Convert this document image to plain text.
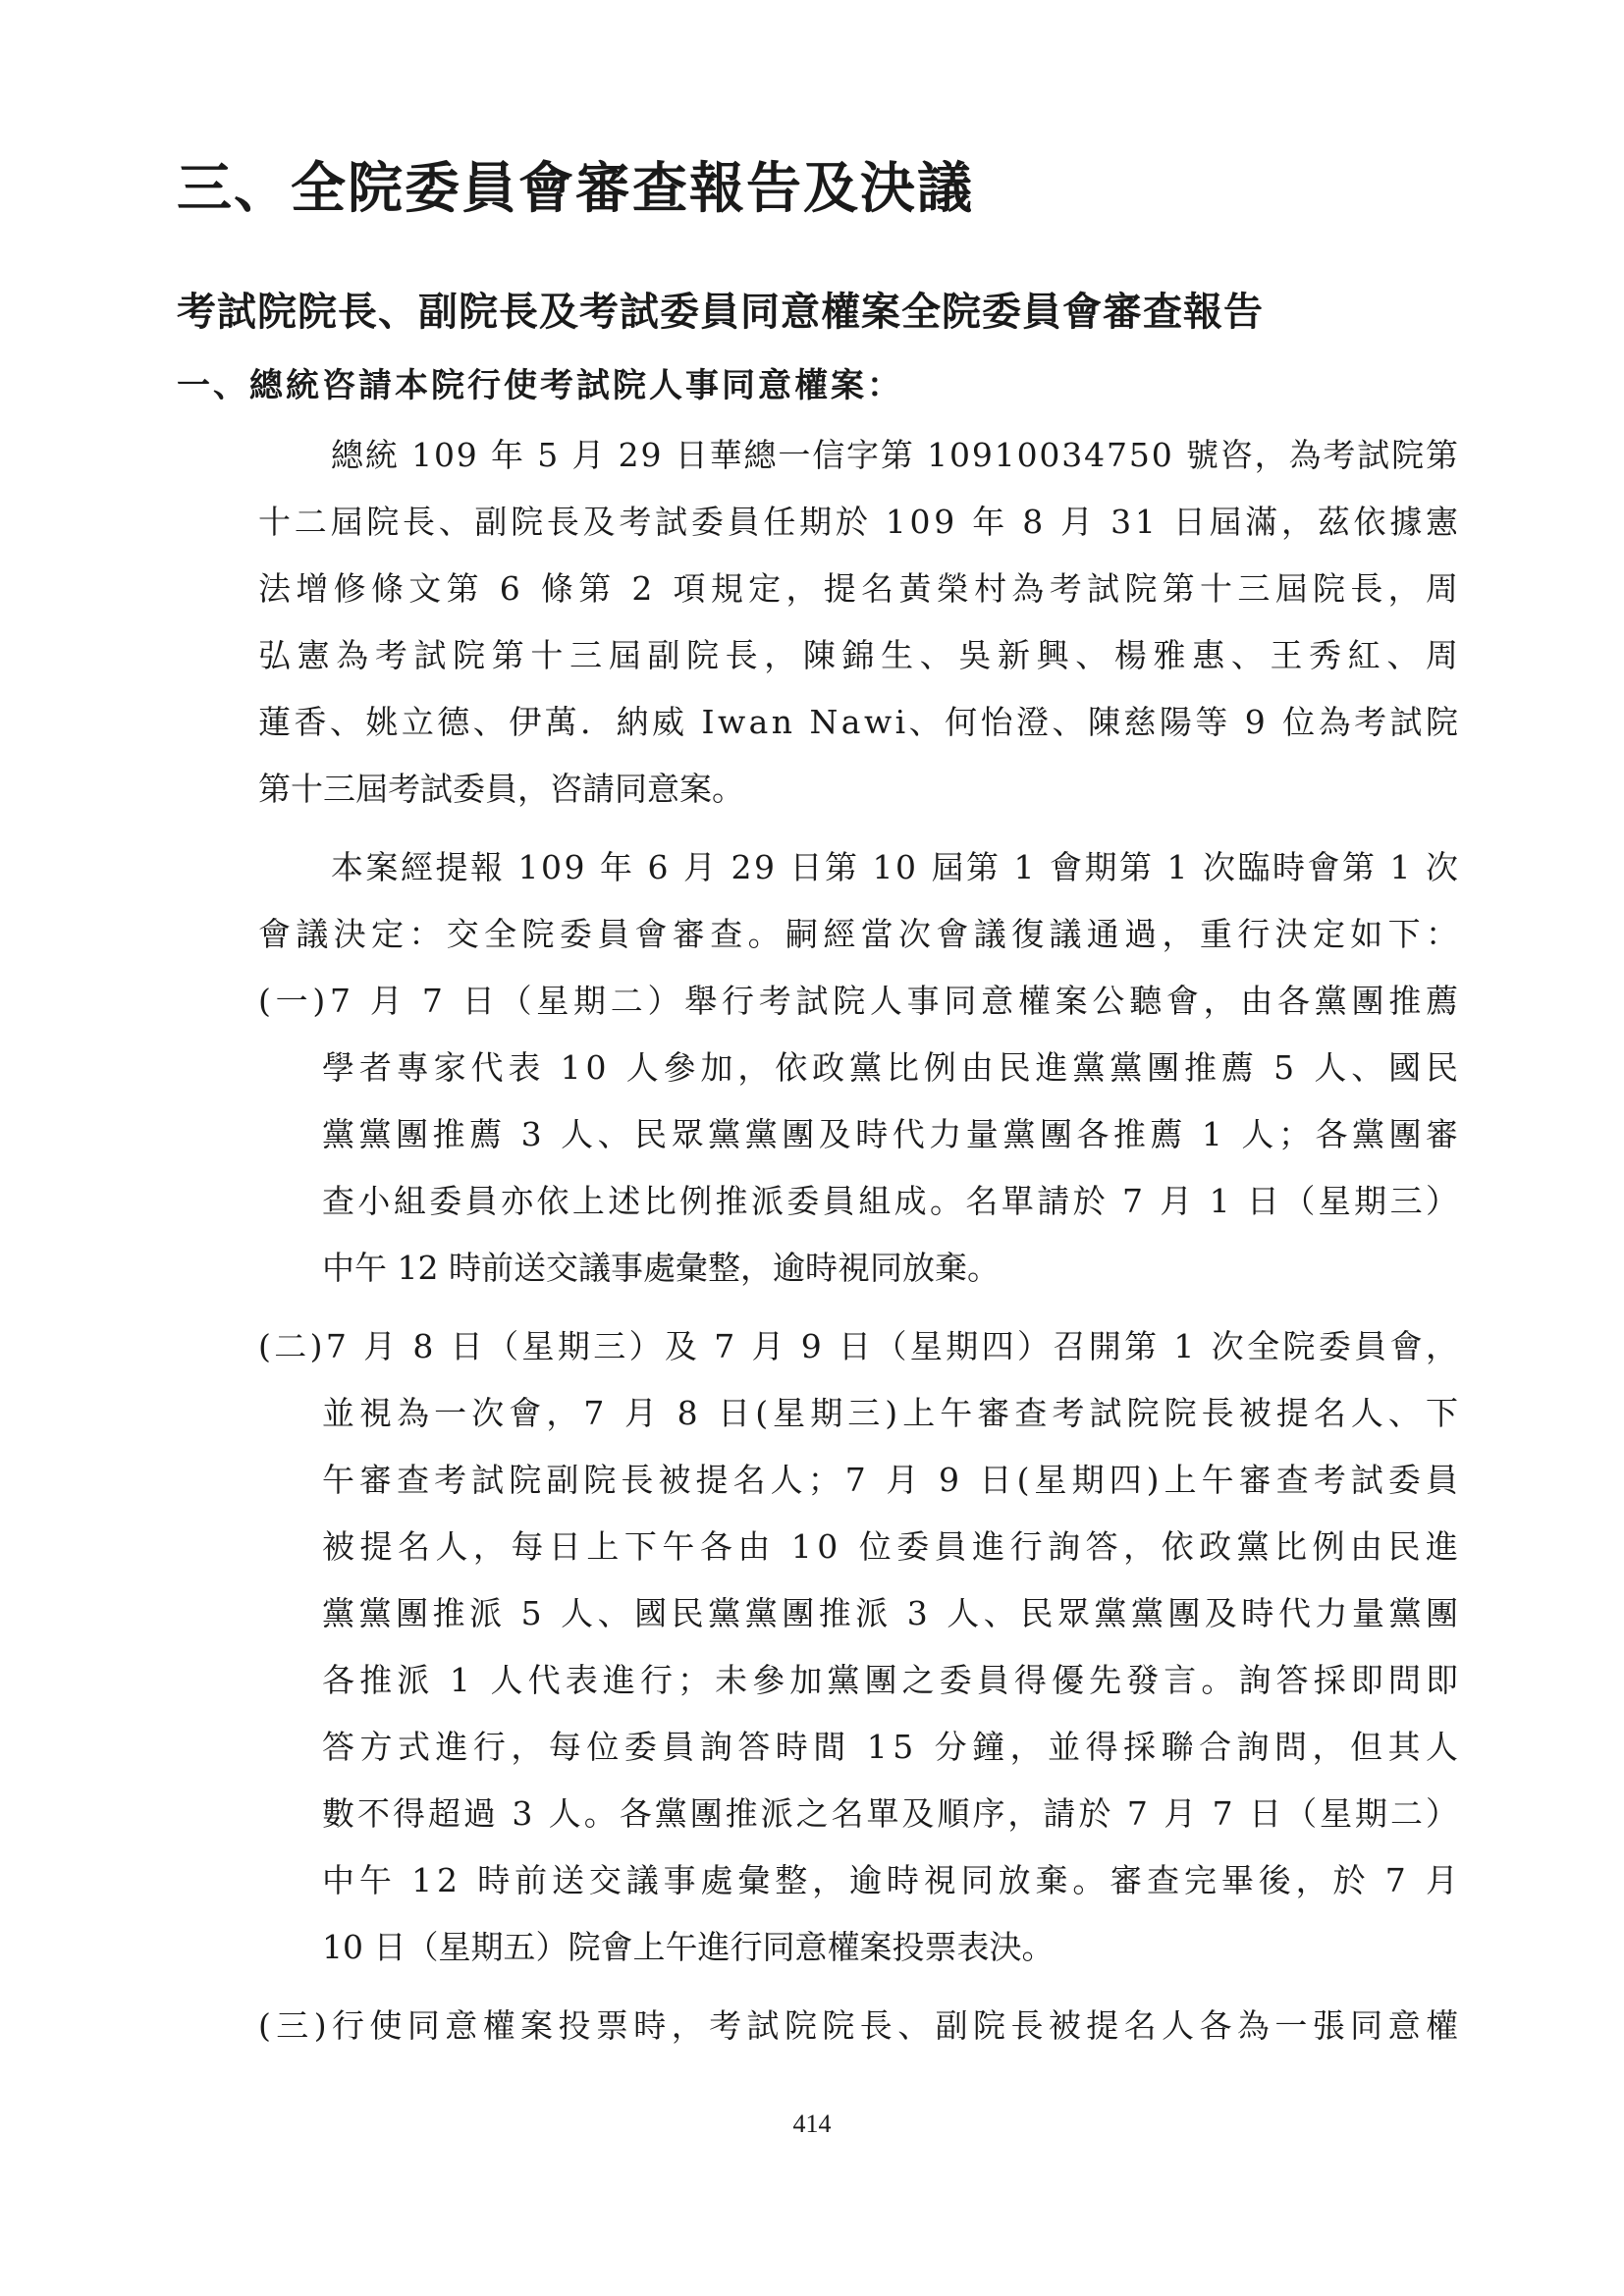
三、全院委員會審查報告及決議
考試院院長、副院長及考試委員同意權案全院委員會審查報告
一、總統咨請本院行使考試院人事同意權案：

總統 109 年 5 月 29 日華總一信字第 10910034750 號咨，為考試院第

十二屆院長、副院長及考試委員任期於 109 年 8 月 31 日屆滿，茲依據憲

法增修條文第 6 條第 2 項規定，提名黃榮村為考試院第十三屆院長，周

弘憲為考試院第十三屆副院長，陳錦生、吳新興、楊雅惠、王秀紅、周

蓮香、姚立德、伊萬．納威 Iwan Nawi、何怡澄、陳慈陽等 9 位為考試院

第十三屆考試委員，咨請同意案。

本案經提報 109 年 6 月 29 日第 10 屆第 1 會期第 1 次臨時會第 1 次

會議決定：交全院委員會審查。嗣經當次會議復議通過，重行決定如下：

(一)7 月 7 日（星期二）舉行考試院人事同意權案公聽會，由各黨團推薦

學者專家代表 10 人參加，依政黨比例由民進黨黨團推薦 5 人、國民

黨黨團推薦 3 人、民眾黨黨團及時代力量黨團各推薦 1 人；各黨團審

查小組委員亦依上述比例推派委員組成。名單請於 7 月 1 日（星期三）

中午 12 時前送交議事處彙整，逾時視同放棄。

(二)7 月 8 日（星期三）及 7 月 9 日（星期四）召開第 1 次全院委員會，

並視為一次會，7 月 8 日(星期三)上午審查考試院院長被提名人、下

午審查考試院副院長被提名人；7 月 9 日(星期四)上午審查考試委員

被提名人，每日上下午各由 10 位委員進行詢答，依政黨比例由民進

黨黨團推派 5 人、國民黨黨團推派 3 人、民眾黨黨團及時代力量黨團

各推派 1 人代表進行；未參加黨團之委員得優先發言。詢答採即問即

答方式進行，每位委員詢答時間 15 分鐘，並得採聯合詢問，但其人

數不得超過 3 人。各黨團推派之名單及順序，請於 7 月 7 日（星期二）

中午 12 時前送交議事處彙整，逾時視同放棄。審查完畢後，於 7 月

10 日（星期五）院會上午進行同意權案投票表決。

(三)行使同意權案投票時，考試院院長、副院長被提名人各為一張同意權

414
